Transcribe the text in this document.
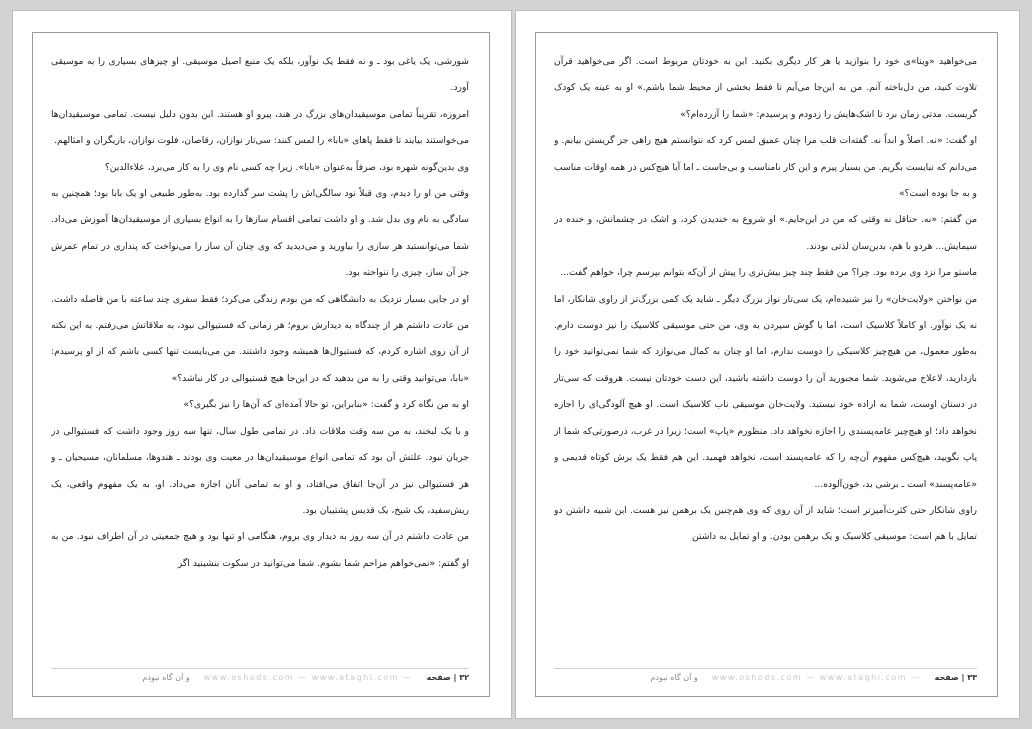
شورشی، یک یاغی بود ـ و نه فقط یک نوآور، بلکه یک منبع اصیل موسیقی. او چیزهای بسیاری را به موسیقی آورد.

امروزه، تقریباً تمامی موسیقیدان‌های بزرگ در هند، پیرو او هستند. این بدون دلیل نیست. تمامی موسیقیدان‌ها می‌خواستند بیایند تا فقط پاهای «بابا» را لمس کنند: سی‌تار نوازان، رقاصان، فلوت نوازان، بازیگران و امثالهم.

وی بدین‌گونه شهره بود، صرفاً به‌عنوان «بابا». زیرا چه کسی نام وی را به کار می‌برد، علاءالدین؟

وقتی من او را دیدم، وی قبلاً نود سالگی‌اش را پشت سر گذارده بود. به‌طور طبیعی او یک بابا بود؛ همچنین به سادگی به نام وی بدل شد. و او داشت تمامی اقسام سازها را به انواع بسیاری از موسیقیدان‌ها آموزش می‌داد. شما می‌توانستید هر سازی را بیاورید و می‌دیدید که وی چنان آن ساز را می‌نواخت که پنداری در تمام عمرش جز آن ساز، چیزی را ننواخته بود.

او در جایی بسیار نزدیک به دانشگاهی که من بودم زندگی می‌کرد؛ فقط سفری چند ساعته با من فاصله داشت. من عادت داشتم هر از چندگاه به دیدارش بروم؛ هر زمانی که فستیوالی نبود، به ملاقاتش می‌رفتم. به این نکته از آن روی اشاره کردم، که فستیوال‌ها همیشه وجود داشتند. من می‌بایست تنها کسی باشم که از او پرسیدم: «بابا، می‌توانید وقتی را به من بدهید که در این‌جا هیچ فستیوالی در کار نباشد؟»

او به من نگاه کرد و گفت: «بنابراین، تو حالا آمده‌ای که آن‌ها را نیز بگیری؟»

و با یک لبخند، به من سه وقت ملاقات داد. در تمامی طول سال، تنها سه روز وجود داشت که فستیوالی در جریان نبود. علتش آن بود که تمامی انواع موسیقیدان‌ها در معیت وی بودند ـ هندوها، مسلمانان، مسیحیان ـ و هر فستیوالی نیز در آن‌جا اتفاق می‌افتاد، و او به تمامی آنان اجازه می‌داد. او، به یک مفهوم واقعی، یک ریش‌سفید، یک شیخ، یک قدیس پشتیبان بود.

من عادت داشتم در آن سه روز به دیدار وی بروم، هنگامی او تنها بود و هیچ جمعیتی در آن اطراف نبود. من به او گفتم: «نمی‌خواهم مزاحم شما بشوم. شما می‌توانید در سکوت بنشینید اگر

۳۲ | صفحه
www.oshods.com — www.ataghi.com —
و آن گاه نبودم

می‌خواهید «وینا»ی خود را بنوازید یا هر کار دیگری بکنید. این به خودتان مربوط است. اگر می‌خواهید قرآن تلاوت کنید، من دل‌باخته آنم. من به این‌جا می‌آیم تا فقط بخشی از محیط شما باشم.» او به عینه یک کودک گریست. مدتی زمان برد تا اشک‌هایش را زدودم و پرسیدم: «شما را آزرده‌ام؟»

او گفت: «نه. اصلاً و ابداً نه. گفته‌ات قلب مرا چنان عمیق لمس کرد که نتوانستم هیچ راهی جز گریستن بیابم. و می‌دانم که نبایست بگریم. من بسیار پیرم و این کار نامناسب و بی‌جاست ـ اما آیا هیچ‌کس در همه اوقات مناسب و به جا بوده است؟»

من گفتم: «نه. حتاقل نه وقتی که من در این‌جایم.» او شروع به خندیدن کرد، و اشک در چشمانش، و خنده در سیمایش... هردو با هم، بدین‌سان لذتی بودند.

ماستو مرا نزد وی برده بود. چرا؟ من فقط چند چیز بیش‌تری را پیش از آن‌که بتوانم بپرسم چرا، خواهم گفت...

من نواختن «ولایت‌خان» را نیز شنیده‌ام، یک سی‌تار نواز بزرگ دیگر ـ شاید یک کمی بزرگ‌تر از راوی شانکار، اما نه یک نوآور. او کاملاً کلاسیک است، اما با گوش سپردن به وی، من حتی موسیقی کلاسیک را نیز دوست دارم. به‌طور معمول، من هیچ‌چیز کلاسیکی را دوست ندارم، اما او چنان به کمال می‌نوازد که شما نمی‌توانید خود را بازدارید، لاعلاج می‌شوید. شما مجبورید آن را دوست داشته باشید، این دست خودتان نیست. هروقت که سی‌تار در دستان اوست، شما به اراده خود نیستید. ولایت‌خان موسیقی ناب کلاسیک است. او هیچ آلودگی‌ای را اجازه نخواهد داد؛ او هیچ‌چیز عامه‌پسندی را اجازه نخواهد داد. منظورم «پاپ» است؛ زیرا در غرب، درصورتی‌که شما از پاپ نگویید، هیچ‌کس مفهوم آن‌چه را که عامه‌پسند است، نخواهد فهمید. این هم فقط یک برش کوتاه قدیمی و «عامه‌پسند» است ـ برشی بد، خون‌آلوده...

راوی شانکار حتی کثرت‌آمیزتر است؛ شاید از آن روی که وی هم‌چنین یک برهمن نیز هست. این شبیه داشتن دو تمایل با هم است: موسیقی کلاسیک و یک برهمن بودن. و او تمایل به داشتن

۳۳ | صفحه
www.oshods.com — www.ataghi.com —
و آن گاه نبودم
